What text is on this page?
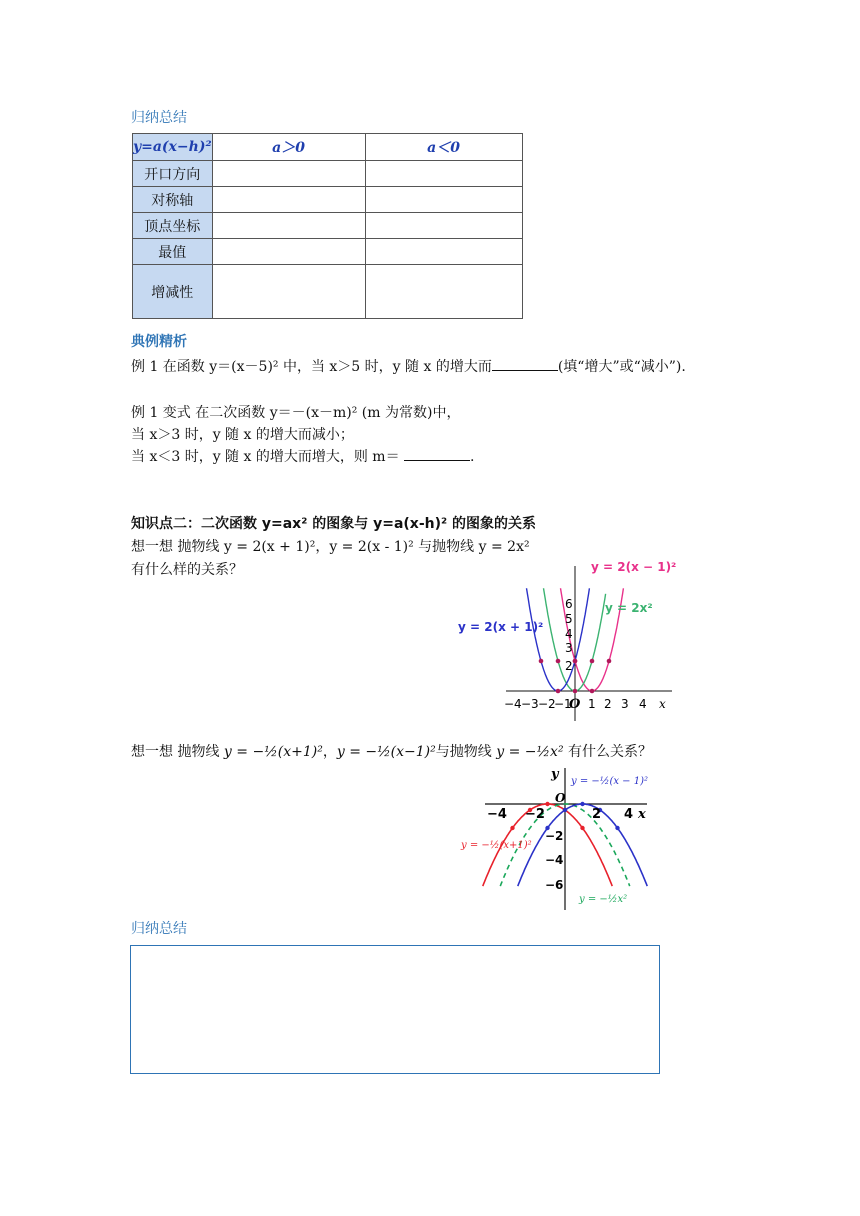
归纳总结
y=a(x−h)²	a＞0	a＜0
开口方向		
对称轴		
顶点坐标		
最值		
增减性		
典例精析
例 1 在函数 y＝(x－5)² 中，当 x＞5 时，y 随 x 的增大而	(填“增大”或“减小”).
例 1 变式 在二次函数 y＝－(x－m)² (m 为常数)中，
当 x＞3 时，y 随 x 的增大而减小；
当 x＜3 时，y 随 x 的增大而增大，则 m＝	.
知识点二：二次函数 y=ax² 的图象与 y=a(x-h)² 的图象的关系
想一想 抛物线 y = 2(x + 1)²，y = 2(x - 1)² 与抛物线 y = 2x²
有什么样的关系？
−4 −3 −2
−1
O 1 2 3 4 x
2
3
4
5
6
y = 2(x − 1)²
y = 2x²
y = 2(x + 1)²
想一想 抛物线 y = −½(x+1)²，y = −½(x−1)²与抛物线 y = −½x² 有什么关系？
y
x
O
−4 −2	2 4
−2
−4
−6
y = −½(x − 1)²
y = −½(x+1)²
y = −½x²
归纳总结
